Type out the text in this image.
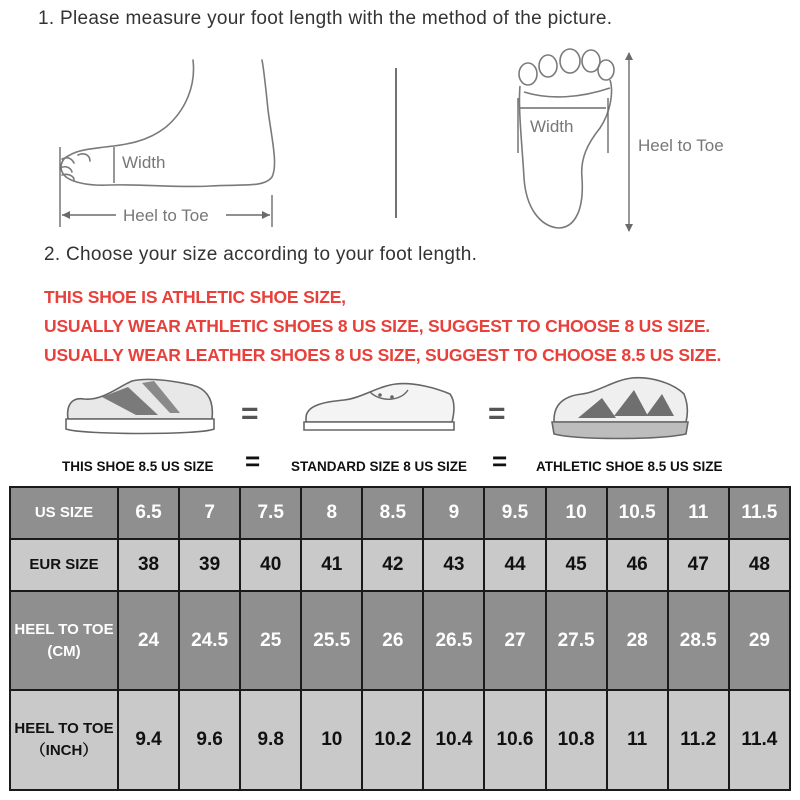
1. Please measure your foot length with the method of the picture.
Width
Heel to Toe
Width
Heel to Toe
2. Choose your size according to your foot length.
THIS SHOE IS ATHLETIC SHOE SIZE,
USUALLY WEAR ATHLETIC SHOES 8 US SIZE, SUGGEST TO CHOOSE 8 US SIZE.
USUALLY WEAR LEATHER SHOES 8 US SIZE, SUGGEST TO CHOOSE 8.5 US SIZE.
=	=
THIS SHOE 8.5 US SIZE = STANDARD SIZE 8 US SIZE = ATHLETIC SHOE 8.5 US SIZE
US SIZE	6.5	7	7.5	8	8.5	9	9.5	10	10.5	11	11.5

EUR SIZE	38	39	40	41	42	43	44	45	46	47	48

HEEL TO TOE
(CM)	24	24.5	25	25.5	26	26.5	27	27.5	28	28.5	29

HEEL TO TOE
（INCH）	9.4	9.6	9.8	10	10.2	10.4	10.6	10.8	11	11.2	11.4
